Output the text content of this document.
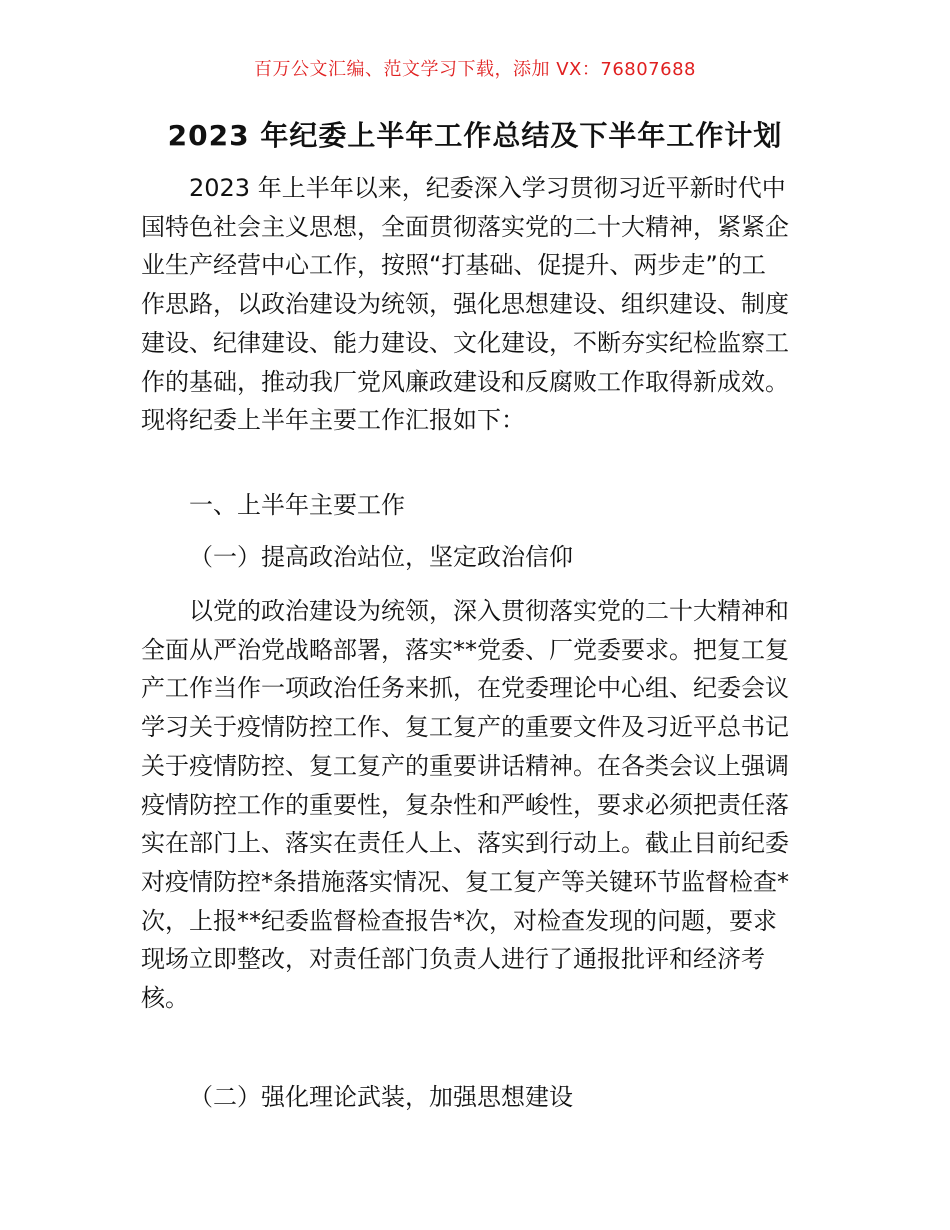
百万公文汇编、范文学习下载，添加 VX：76807688
2023 年纪委上半年工作总结及下半年工作计划
2023 年上半年以来，纪委深入学习贯彻习近平新时代中
国特色社会主义思想，全面贯彻落实党的二十大精神，紧紧企
业生产经营中心工作，按照“打基础、促提升、两步走”的工
作思路，以政治建设为统领，强化思想建设、组织建设、制度
建设、纪律建设、能力建设、文化建设，不断夯实纪检监察工
作的基础，推动我厂党风廉政建设和反腐败工作取得新成效。
现将纪委上半年主要工作汇报如下：
一、上半年主要工作
（一）提高政治站位，坚定政治信仰
以党的政治建设为统领，深入贯彻落实党的二十大精神和
全面从严治党战略部署，落实**党委、厂党委要求。把复工复
产工作当作一项政治任务来抓，在党委理论中心组、纪委会议
学习关于疫情防控工作、复工复产的重要文件及习近平总书记
关于疫情防控、复工复产的重要讲话精神。在各类会议上强调
疫情防控工作的重要性，复杂性和严峻性，要求必须把责任落
实在部门上、落实在责任人上、落实到行动上。截止目前纪委
对疫情防控*条措施落实情况、复工复产等关键环节监督检查*
次，上报**纪委监督检查报告*次，对检查发现的问题，要求
现场立即整改，对责任部门负责人进行了通报批评和经济考
核。
（二）强化理论武装，加强思想建设
